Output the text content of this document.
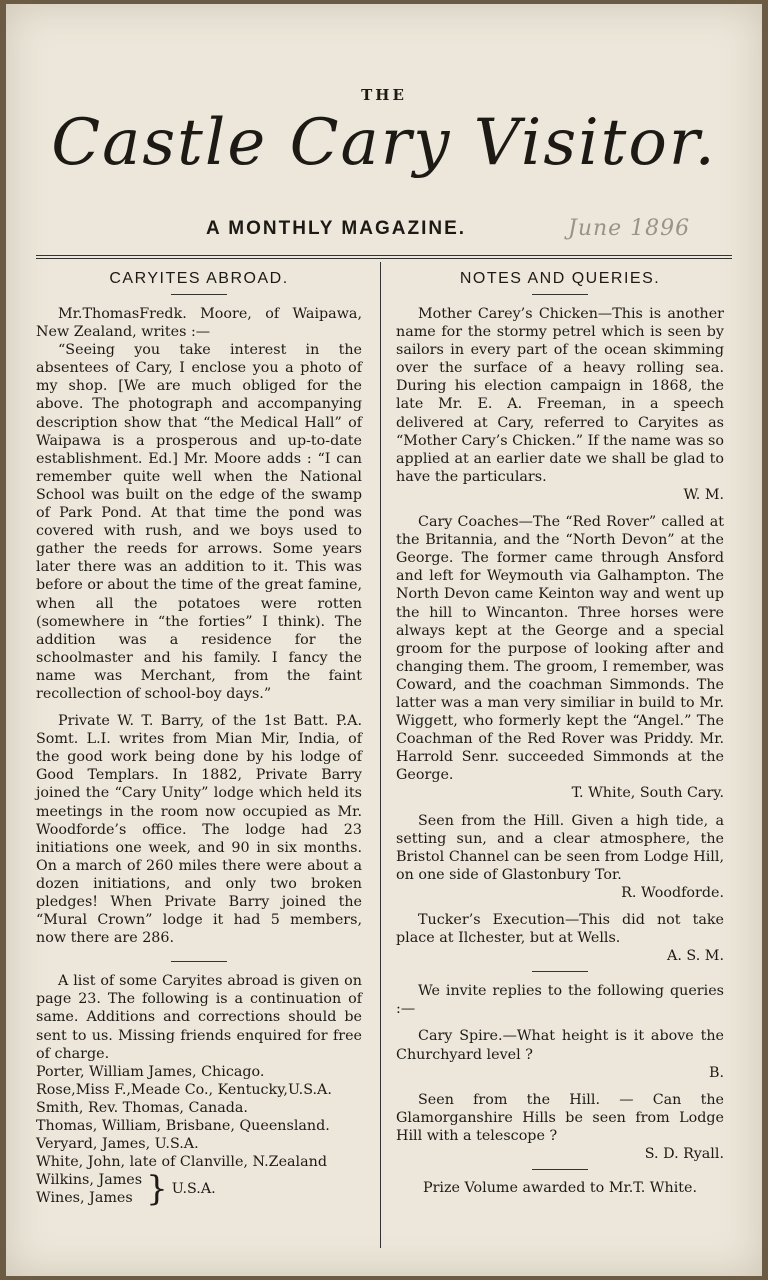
THE
Castle Cary Visitor.
A MONTHLY MAGAZINE.	June 1896
CARYITES ABROAD.

Mr.ThomasFredk. Moore, of Waipawa, New Zealand, writes :—

“Seeing you take interest in the absentees of Cary, I enclose you a photo of my shop. [We are much obliged for the above. The photograph and accompanying description show that “the Medical Hall” of Waipawa is a prosperous and up-to-date establishment. Ed.] Mr. Moore adds : “I can remember quite well when the National School was built on the edge of the swamp of Park Pond. At that time the pond was covered with rush, and we boys used to gather the reeds for arrows. Some years later there was an addition to it. This was before or about the time of the great famine, when all the potatoes were rotten (somewhere in “the forties” I think). The addition was a residence for the schoolmaster and his family. I fancy the name was Merchant, from the faint recollection of school-boy days.”

Private W. T. Barry, of the 1st Batt. P.A. Somt. L.I. writes from Mian Mir, India, of the good work being done by his lodge of Good Templars. In 1882, Private Barry joined the “Cary Unity” lodge which held its meetings in the room now occupied as Mr. Woodforde’s office. The lodge had 23 initiations one week, and 90 in six months. On a march of 260 miles there were about a dozen initiations, and only two broken pledges! When Private Barry joined the “Mural Crown” lodge it had 5 members, now there are 286.

A list of some Caryites abroad is given on page 23. The following is a continuation of same. Additions and corrections should be sent to us. Missing friends enquired for free of charge.

Porter, William James, Chicago.

Rose,Miss F.,Meade Co., Kentucky,U.S.A.

Smith, Rev. Thomas, Canada.

Thomas, William, Brisbane, Queensland.

Veryard, James, U.S.A.

White, John, late of Clanville, N.Zealand

Wilkins, James
Wines, James } U.S.A.
NOTES AND QUERIES.

Mother Carey’s Chicken—This is another name for the stormy petrel which is seen by sailors in every part of the ocean skimming over the surface of a heavy rolling sea. During his election campaign in 1868, the late Mr. E. A. Freeman, in a speech delivered at Cary, referred to Caryites as “Mother Cary’s Chicken.” If the name was so applied at an earlier date we shall be glad to have the particulars.

W. M.

Cary Coaches—The “Red Rover” called at the Britannia, and the “North Devon” at the George. The former came through Ansford and left for Weymouth via Galhampton. The North Devon came Keinton way and went up the hill to Wincanton. Three horses were always kept at the George and a special groom for the purpose of looking after and changing them. The groom, I remember, was Coward, and the coachman Simmonds. The latter was a man very similiar in build to Mr. Wiggett, who formerly kept the “Angel.” The Coachman of the Red Rover was Priddy. Mr. Harrold Senr. succeeded Simmonds at the George.

T. White, South Cary.

Seen from the Hill. Given a high tide, a setting sun, and a clear atmosphere, the Bristol Channel can be seen from Lodge Hill, on one side of Glastonbury Tor.

R. Woodforde.

Tucker’s Execution—This did not take place at Ilchester, but at Wells.

A. S. M.

We invite replies to the following queries :—

Cary Spire.—What height is it above the Churchyard level ?

B.

Seen from the Hill. — Can the Glamorganshire Hills be seen from Lodge Hill with a telescope ?

S. D. Ryall.

Prize Volume awarded to Mr.T. White.
